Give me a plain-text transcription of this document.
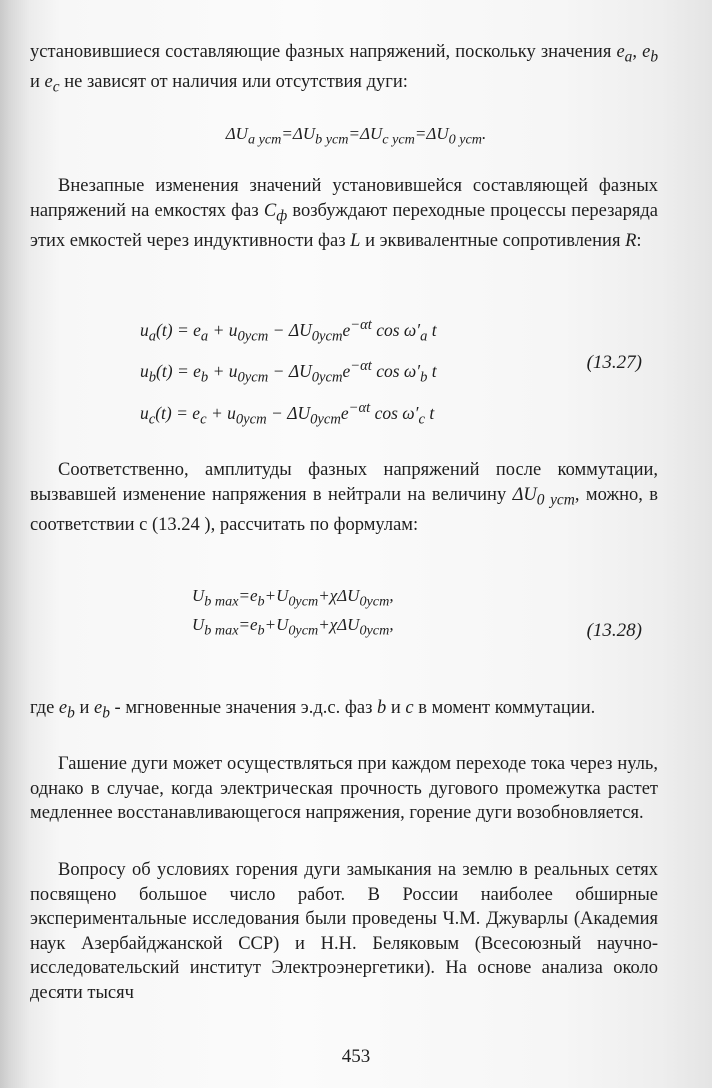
установившиеся составляющие фазных напряжений, поскольку значения $e_a$, $e_b$ и $e_c$ не зависят от наличия или отсутствия дуги:
$\Delta U_{a уст}=\Delta U_{b уст}=\Delta U_{c уст}=\Delta U_{0 уст}$.
Внезапные изменения значений установившейся составляющей фазных напряжений на емкостях фаз $C_ф$ возбуждают переходные процессы перезаряда этих емкостей через индуктивности фаз L и эквивалентные сопротивления R:
$u_a(t) = e_a + u_{0уст} - \Delta U_{0уст}e^{-\alpha t}$ $\cos \omega'_a$ t
$u_b(t) = e_b + u_{0уст} - \Delta U_{0уст}e^{-\alpha t}$ $\cos \omega'_b$ t
$u_c(t) = e_c + u_{0уст} - \Delta U_{0уст}e^{-\alpha t}$ $\cos \omega'_c$ t
(13.27)
Соответственно, амплитуды фазных напряжений после коммутации, вызвавшей изменение напряжения в нейтрали на величину $\Delta U_{0 уст}$, можно, в соответствии с (13.24 ), рассчитать по формулам:
$U_{b max}=e_b+U_{0уст}+\chi\Delta U_{0уст}$,
$U_{b max}=e_b+U_{0уст}+\chi\Delta U_{0уст}$,	(13.28)
где $e_b$ и $e_b$ - мгновенные значения э.д.с. фаз b и c в момент коммутации.
Гашение дуги может осуществляться при каждом переходе тока через нуль, однако в случае, когда электрическая прочность дугового промежутка растет медленнее восстанавливающегося напряжения, горение дуги возобновляется.
Вопросу об условиях горения дуги замыкания на землю в реальных сетях посвящено большое число работ. В России наиболее обширные экспериментальные исследования были проведены Ч.М. Джуварлы (Академия наук Азербайджанской ССР) и Н.Н. Беляковым (Всесоюзный научно-исследовательский институт Электроэнергетики). На основе анализа около десяти тысяч
453
